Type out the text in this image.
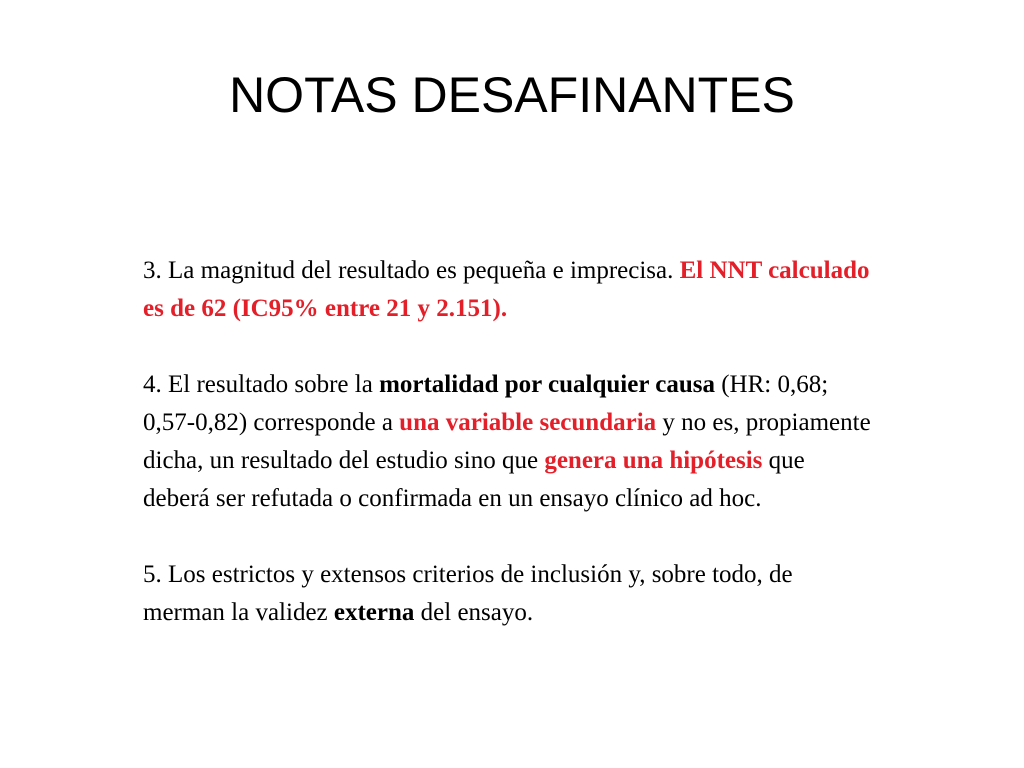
NOTAS DESAFINANTES

3. La magnitud del resultado es pequeña e imprecisa. El NNT calculado es de 62 (IC95% entre 21 y 2.151).

4. El resultado sobre la mortalidad por cualquier causa (HR: 0,68; 0,57-0,82) corresponde a una variable secundaria y no es, propiamente dicha, un resultado del estudio sino que genera una hipótesis que deberá ser refutada o confirmada en un ensayo clínico ad hoc.

5. Los estrictos y extensos criterios de inclusión y, sobre todo, de merman la validez externa del ensayo.
